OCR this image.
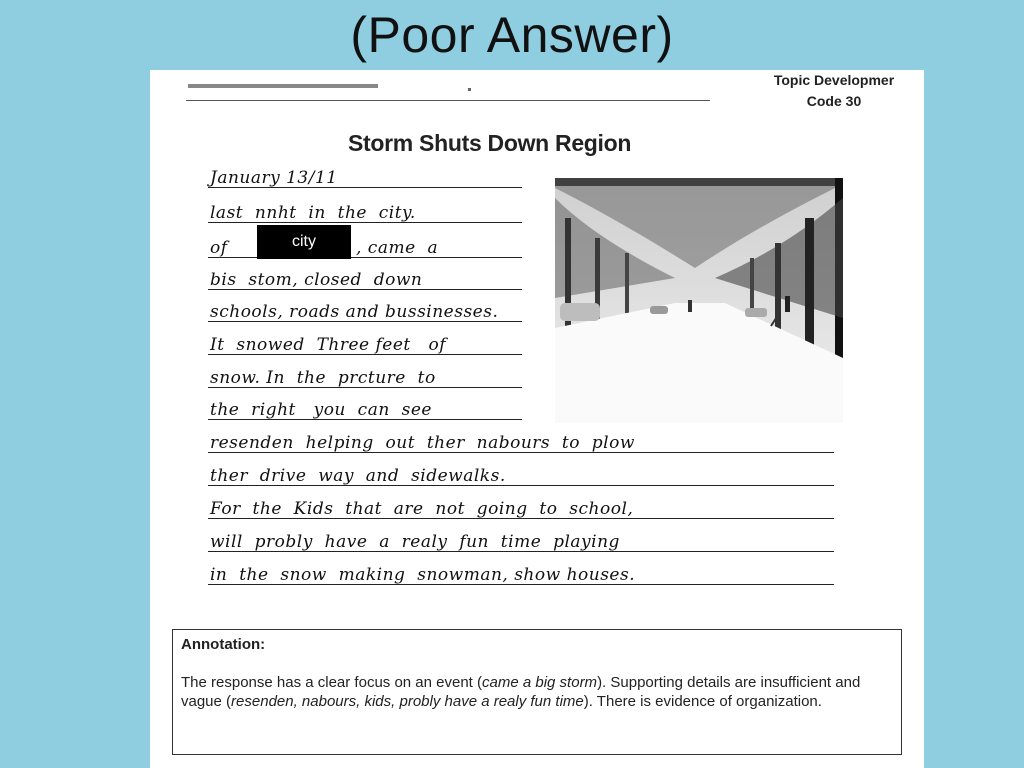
(Poor Answer)
Topic Developmer
Code 30
Storm Shuts Down Region
January 13/11
last  nnht  in  the  city.
of	city	, came  a
bis  stom, closed  down
schools, roads and bussinesses.
It  snowed  Three feet   of
snow. In  the  prcture  to
the  right   you  can  see
resenden  helping  out  ther  nabours  to  plow
ther  drive  way  and  sidewalks.
For  the  Kids  that  are  not  going  to  school,
will  probly  have  a  realy  fun  time  playing
in  the  snow  making  snowman, show houses.
Annotation:
The response has a clear focus on an event (came a big storm). Supporting details are insufficient and vague (resenden, nabours, kids, probly have a realy fun time). There is evidence of organization.
